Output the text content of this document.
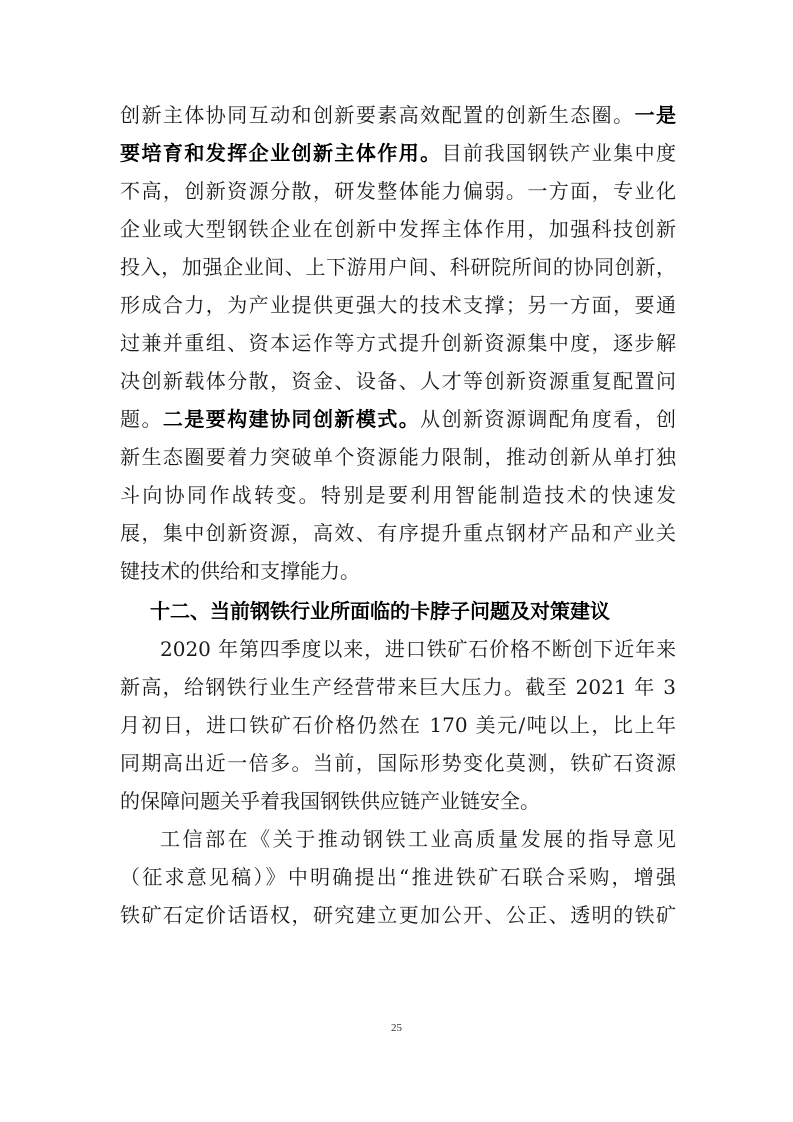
创新主体协同互动和创新要素高效配置的创新生态圈。一是
要培育和发挥企业创新主体作用。目前我国钢铁产业集中度
不高，创新资源分散，研发整体能力偏弱。一方面，专业化
企业或大型钢铁企业在创新中发挥主体作用，加强科技创新
投入，加强企业间、上下游用户间、科研院所间的协同创新，
形成合力，为产业提供更强大的技术支撑；另一方面，要通
过兼并重组、资本运作等方式提升创新资源集中度，逐步解
决创新载体分散，资金、设备、人才等创新资源重复配置问
题。二是要构建协同创新模式。从创新资源调配角度看，创
新生态圈要着力突破单个资源能力限制，推动创新从单打独
斗向协同作战转变。特别是要利用智能制造技术的快速发
展，集中创新资源，高效、有序提升重点钢材产品和产业关
键技术的供给和支撑能力。
十二、当前钢铁行业所面临的卡脖子问题及对策建议
2020 年第四季度以来，进口铁矿石价格不断创下近年来
新高，给钢铁行业生产经营带来巨大压力。截至 2021 年 3
月初日，进口铁矿石价格仍然在 170 美元/吨以上，比上年
同期高出近一倍多。当前，国际形势变化莫测，铁矿石资源
的保障问题关乎着我国钢铁供应链产业链安全。
工信部在《关于推动钢铁工业高质量发展的指导意见
（征求意见稿）》中明确提出“推进铁矿石联合采购，增强
铁矿石定价话语权，研究建立更加公开、公正、透明的铁矿
25
